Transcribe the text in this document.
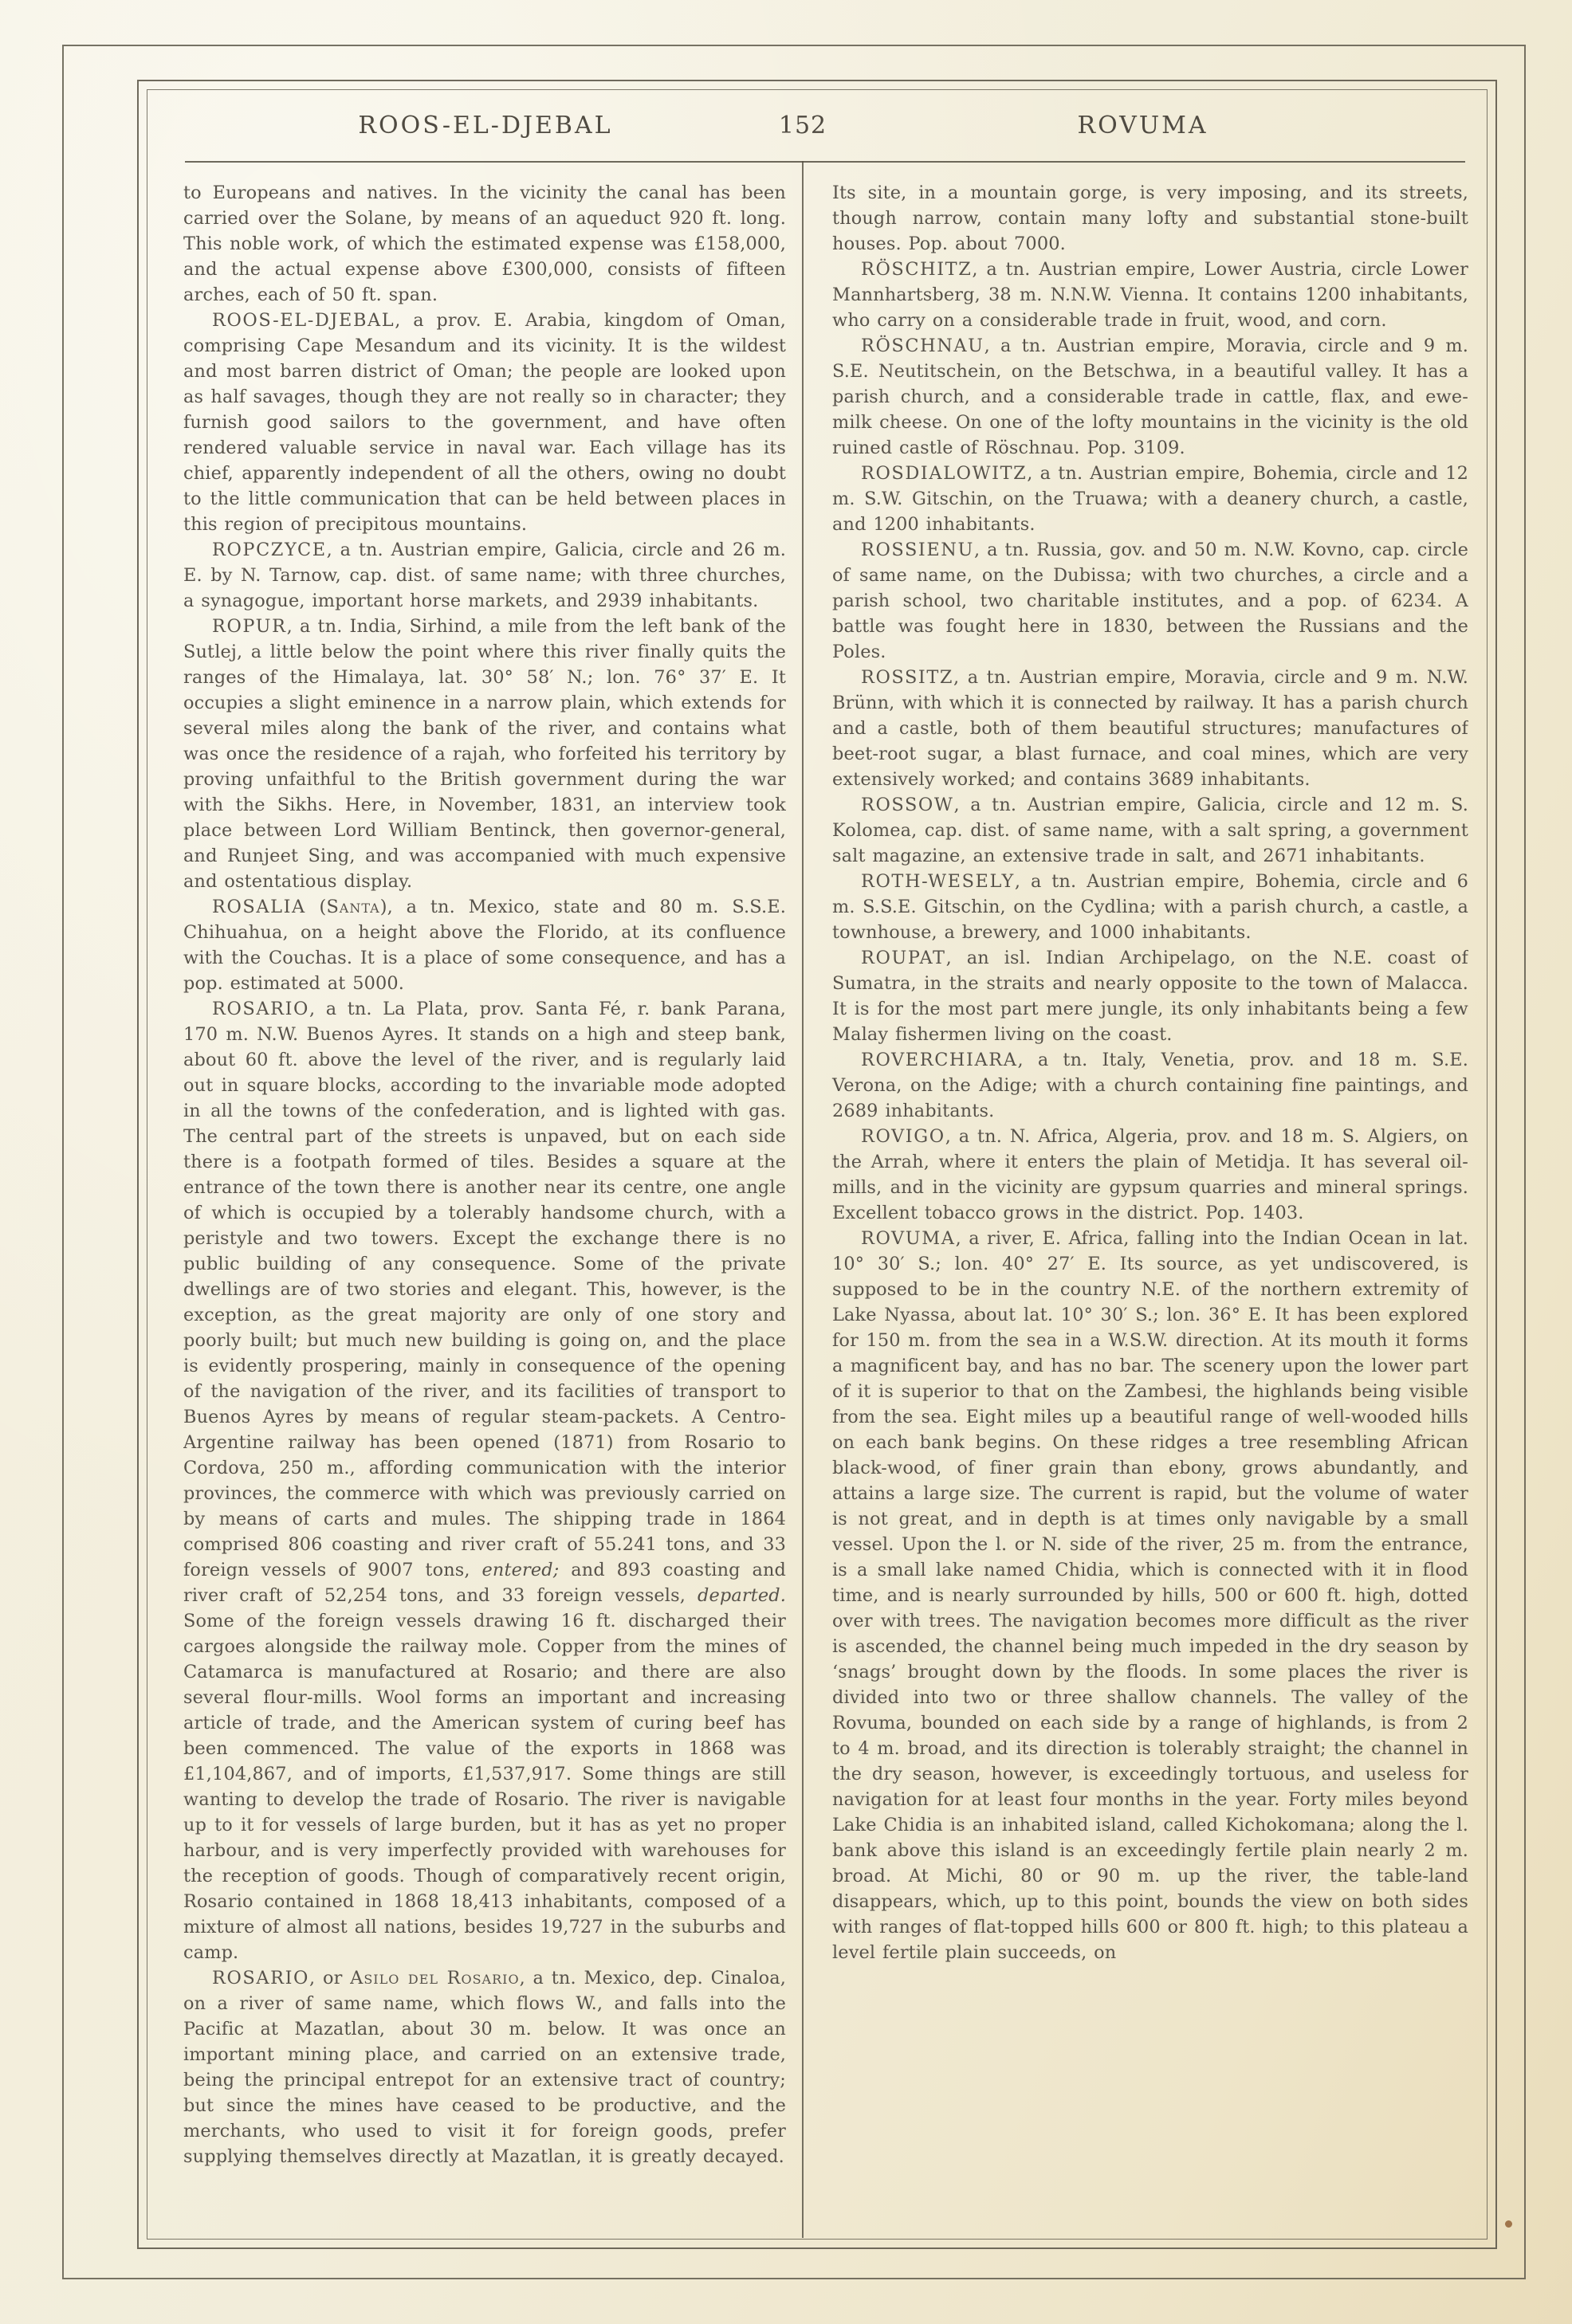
ROOS-EL-DJEBAL	152	ROVUMA

to Europeans and natives. In the vicinity the canal has been carried over the Solane, by means of an aqueduct 920 ft. long. This noble work, of which the estimated expense was £158,000, and the actual expense above £300,000, consists of fifteen arches, each of 50 ft. span.

ROOS-EL-DJEBAL, a prov. E. Arabia, kingdom of Oman, comprising Cape Mesandum and its vicinity. It is the wildest and most barren district of Oman; the people are looked upon as half savages, though they are not really so in character; they furnish good sailors to the government, and have often rendered valuable service in naval war. Each village has its chief, apparently independent of all the others, owing no doubt to the little communication that can be held between places in this region of precipitous mountains.

ROPCZYCE, a tn. Austrian empire, Galicia, circle and 26 m. E. by N. Tarnow, cap. dist. of same name; with three churches, a synagogue, important horse markets, and 2939 inhabitants.

ROPUR, a tn. India, Sirhind, a mile from the left bank of the Sutlej, a little below the point where this river finally quits the ranges of the Himalaya, lat. 30° 58′ N.; lon. 76° 37′ E. It occupies a slight eminence in a narrow plain, which extends for several miles along the bank of the river, and contains what was once the residence of a rajah, who forfeited his territory by proving unfaithful to the British government during the war with the Sikhs. Here, in November, 1831, an interview took place between Lord William Bentinck, then governor-general, and Runjeet Sing, and was accompanied with much expensive and ostentatious display.

ROSALIA (Santa), a tn. Mexico, state and 80 m. S.S.E. Chihuahua, on a height above the Florido, at its confluence with the Couchas. It is a place of some consequence, and has a pop. estimated at 5000.

ROSARIO, a tn. La Plata, prov. Santa Fé, r. bank Parana, 170 m. N.W. Buenos Ayres. It stands on a high and steep bank, about 60 ft. above the level of the river, and is regularly laid out in square blocks, according to the invariable mode adopted in all the towns of the confederation, and is lighted with gas. The central part of the streets is unpaved, but on each side there is a footpath formed of tiles. Besides a square at the entrance of the town there is another near its centre, one angle of which is occupied by a tolerably handsome church, with a peristyle and two towers. Except the exchange there is no public building of any consequence. Some of the private dwellings are of two stories and elegant. This, however, is the exception, as the great majority are only of one story and poorly built; but much new building is going on, and the place is evidently prospering, mainly in consequence of the opening of the navigation of the river, and its facilities of transport to Buenos Ayres by means of regular steam-packets. A Centro-Argentine railway has been opened (1871) from Rosario to Cordova, 250 m., affording communication with the interior provinces, the commerce with which was previously carried on by means of carts and mules. The shipping trade in 1864 comprised 806 coasting and river craft of 55.241 tons, and 33 foreign vessels of 9007 tons, entered; and 893 coasting and river craft of 52,254 tons, and 33 foreign vessels, departed. Some of the foreign vessels drawing 16 ft. discharged their cargoes alongside the railway mole. Copper from the mines of Catamarca is manufactured at Rosario; and there are also several flour-mills. Wool forms an important and increasing article of trade, and the American system of curing beef has been commenced. The value of the exports in 1868 was £1,104,867, and of imports, £1,537,917. Some things are still wanting to develop the trade of Rosario. The river is navigable up to it for vessels of large burden, but it has as yet no proper harbour, and is very imperfectly provided with warehouses for the reception of goods. Though of comparatively recent origin, Rosario contained in 1868 18,413 inhabitants, composed of a mixture of almost all nations, besides 19,727 in the suburbs and camp.

ROSARIO, or Asilo del Rosario, a tn. Mexico, dep. Cinaloa, on a river of same name, which flows W., and falls into the Pacific at Mazatlan, about 30 m. below. It was once an important mining place, and carried on an extensive trade, being the principal entrepot for an extensive tract of country; but since the mines have ceased to be productive, and the merchants, who used to visit it for foreign goods, prefer supplying themselves directly at Mazatlan, it is greatly decayed.

Its site, in a mountain gorge, is very imposing, and its streets, though narrow, contain many lofty and substantial stone-built houses. Pop. about 7000.

RÖSCHITZ, a tn. Austrian empire, Lower Austria, circle Lower Mannhartsberg, 38 m. N.N.W. Vienna. It contains 1200 inhabitants, who carry on a considerable trade in fruit, wood, and corn.

RÖSCHNAU, a tn. Austrian empire, Moravia, circle and 9 m. S.E. Neutitschein, on the Betschwa, in a beautiful valley. It has a parish church, and a considerable trade in cattle, flax, and ewe-milk cheese. On one of the lofty mountains in the vicinity is the old ruined castle of Röschnau. Pop. 3109.

ROSDIALOWITZ, a tn. Austrian empire, Bohemia, circle and 12 m. S.W. Gitschin, on the Truawa; with a deanery church, a castle, and 1200 inhabitants.

ROSSIENU, a tn. Russia, gov. and 50 m. N.W. Kovno, cap. circle of same name, on the Dubissa; with two churches, a circle and a parish school, two charitable institutes, and a pop. of 6234. A battle was fought here in 1830, between the Russians and the Poles.

ROSSITZ, a tn. Austrian empire, Moravia, circle and 9 m. N.W. Brünn, with which it is connected by railway. It has a parish church and a castle, both of them beautiful structures; manufactures of beet-root sugar, a blast furnace, and coal mines, which are very extensively worked; and contains 3689 inhabitants.

ROSSOW, a tn. Austrian empire, Galicia, circle and 12 m. S. Kolomea, cap. dist. of same name, with a salt spring, a government salt magazine, an extensive trade in salt, and 2671 inhabitants.

ROTH-WESELY, a tn. Austrian empire, Bohemia, circle and 6 m. S.S.E. Gitschin, on the Cydlina; with a parish church, a castle, a townhouse, a brewery, and 1000 inhabitants.

ROUPAT, an isl. Indian Archipelago, on the N.E. coast of Sumatra, in the straits and nearly opposite to the town of Malacca. It is for the most part mere jungle, its only inhabitants being a few Malay fishermen living on the coast.

ROVERCHIARA, a tn. Italy, Venetia, prov. and 18 m. S.E. Verona, on the Adige; with a church containing fine paintings, and 2689 inhabitants.

ROVIGO, a tn. N. Africa, Algeria, prov. and 18 m. S. Algiers, on the Arrah, where it enters the plain of Metidja. It has several oil-mills, and in the vicinity are gypsum quarries and mineral springs. Excellent tobacco grows in the district. Pop. 1403.

ROVUMA, a river, E. Africa, falling into the Indian Ocean in lat. 10° 30′ S.; lon. 40° 27′ E. Its source, as yet undiscovered, is supposed to be in the country N.E. of the northern extremity of Lake Nyassa, about lat. 10° 30′ S.; lon. 36° E. It has been explored for 150 m. from the sea in a W.S.W. direction. At its mouth it forms a magnificent bay, and has no bar. The scenery upon the lower part of it is superior to that on the Zambesi, the highlands being visible from the sea. Eight miles up a beautiful range of well-wooded hills on each bank begins. On these ridges a tree resembling African black-wood, of finer grain than ebony, grows abundantly, and attains a large size. The current is rapid, but the volume of water is not great, and in depth is at times only navigable by a small vessel. Upon the l. or N. side of the river, 25 m. from the entrance, is a small lake named Chidia, which is connected with it in flood time, and is nearly surrounded by hills, 500 or 600 ft. high, dotted over with trees. The navigation becomes more difficult as the river is ascended, the channel being much impeded in the dry season by ‘snags’ brought down by the floods. In some places the river is divided into two or three shallow channels. The valley of the Rovuma, bounded on each side by a range of highlands, is from 2 to 4 m. broad, and its direction is tolerably straight; the channel in the dry season, however, is exceedingly tortuous, and useless for navigation for at least four months in the year. Forty miles beyond Lake Chidia is an inhabited island, called Kichokomana; along the l. bank above this island is an exceedingly fertile plain nearly 2 m. broad. At Michi, 80 or 90 m. up the river, the table-land disappears, which, up to this point, bounds the view on both sides with ranges of flat-topped hills 600 or 800 ft. high; to this plateau a level fertile plain succeeds, on
